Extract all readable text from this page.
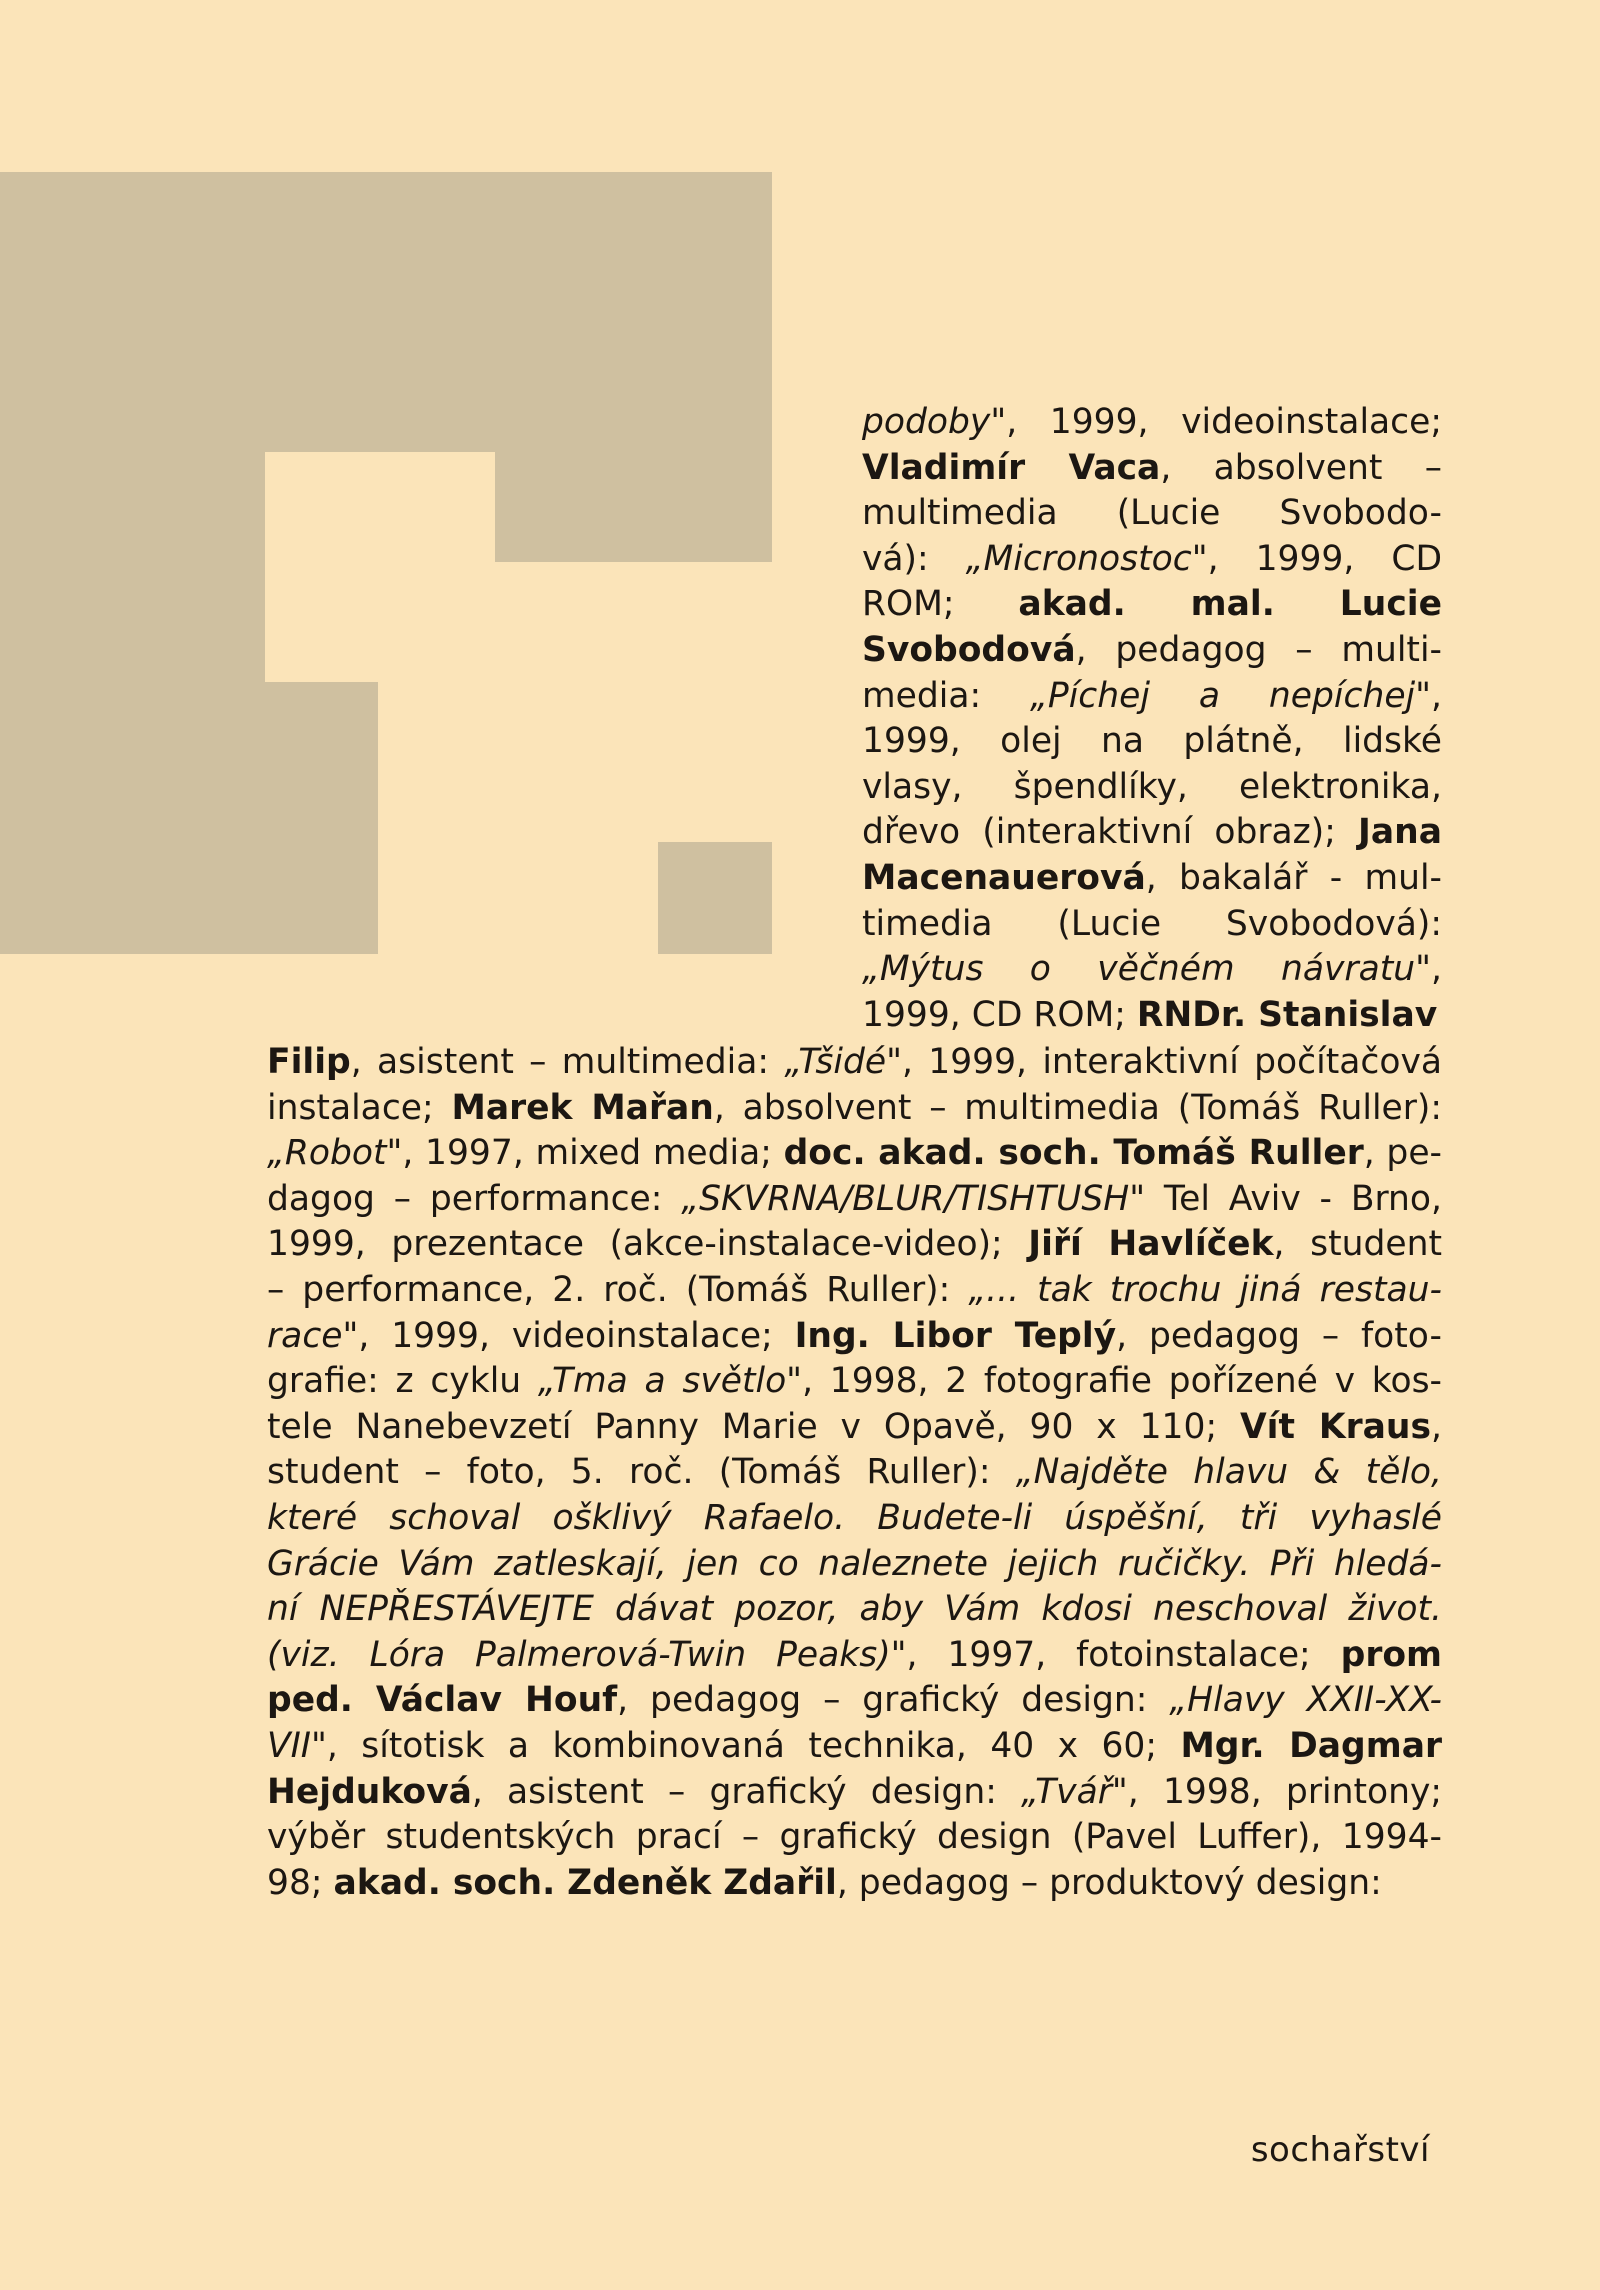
podoby", 1999, videoinstalace;
Vladimír Vaca, absolvent –
multimedia (Lucie Svobodo-
vá): „Micronostoc", 1999, CD
ROM; akad. mal. Lucie
Svobodová, pedagog – multi-
media: „Píchej a nepíchej",
1999, olej na plátně, lidské
vlasy, špendlíky, elektronika,
dřevo (interaktivní obraz); Jana
Macenauerová, bakalář - mul-
timedia (Lucie Svobodová):
„Mýtus o věčném návratu",
1999, CD ROM; RNDr. Stanislav
Filip, asistent – multimedia: „Tšidé", 1999, interaktivní počítačová
instalace; Marek Mařan, absolvent – multimedia (Tomáš Ruller):
„Robot", 1997, mixed media; doc. akad. soch. Tomáš Ruller, pe-
dagog – performance: „SKVRNA/BLUR/TISHTUSH" Tel Aviv - Brno,
1999, prezentace (akce-instalace-video); Jiří Havlíček, student
– performance, 2. roč. (Tomáš Ruller): „... tak trochu jiná restau-
race", 1999, videoinstalace; Ing. Libor Teplý, pedagog – foto-
grafie: z cyklu „Tma a světlo", 1998, 2 fotografie pořízené v kos-
tele Nanebevzetí Panny Marie v Opavě, 90 x 110; Vít Kraus,
student – foto, 5. roč. (Tomáš Ruller): „Najděte hlavu & tělo,
které schoval ošklivý Rafaelo. Budete-li úspěšní, tři vyhaslé
Grácie Vám zatleskají, jen co naleznete jejich ručičky. Při hledá-
ní NEPŘESTÁVEJTE dávat pozor, aby Vám kdosi neschoval život.
(viz. Lóra Palmerová-Twin Peaks)", 1997, fotoinstalace; prom
ped. Václav Houf, pedagog – grafický design: „Hlavy XXII-XX-
VII", sítotisk a kombinovaná technika, 40 x 60; Mgr. Dagmar
Hejduková, asistent – grafický design: „Tvář", 1998, printony;
výběr studentských prací – grafický design (Pavel Luffer), 1994-
98; akad. soch. Zdeněk Zdařil, pedagog – produktový design:
sochařství
